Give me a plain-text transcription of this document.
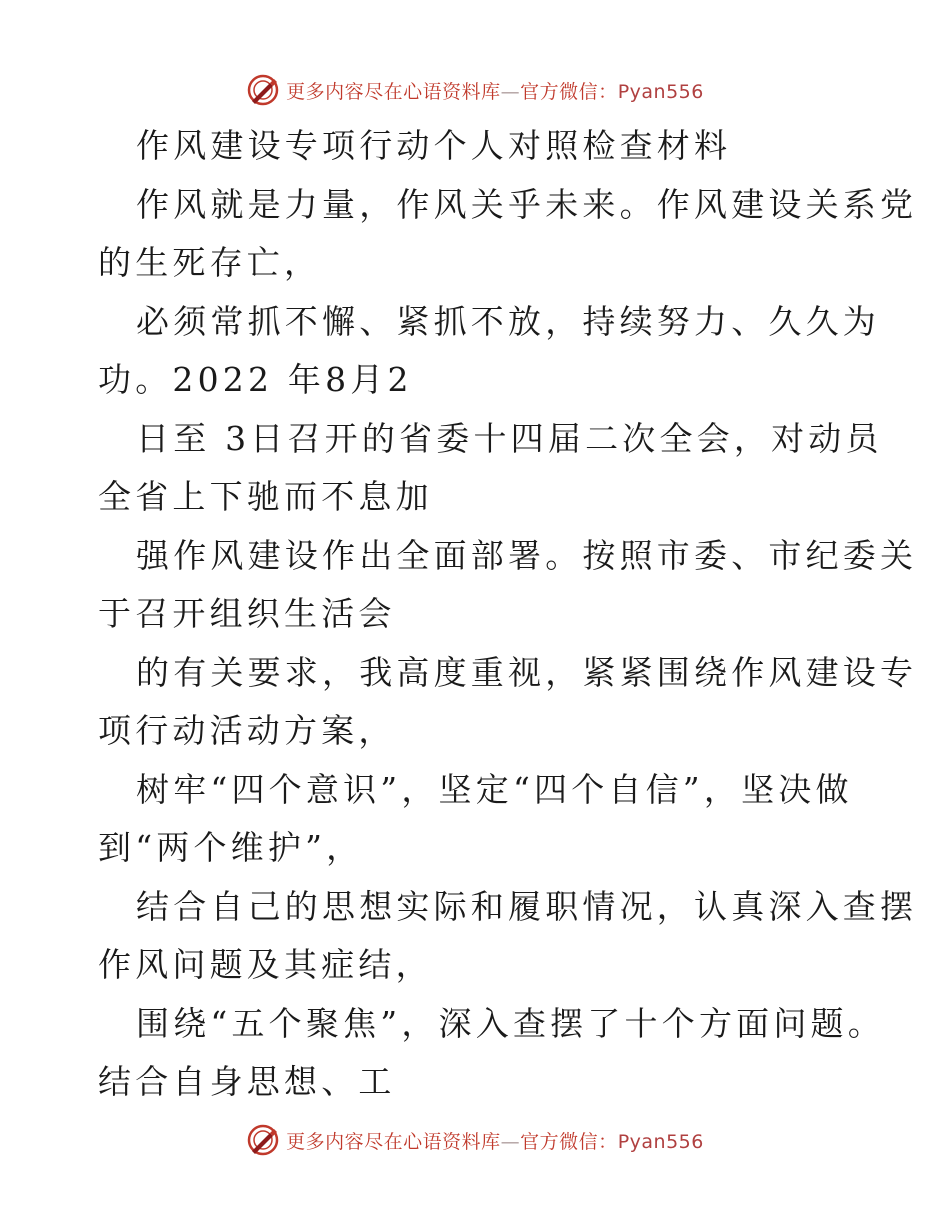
更多内容尽在心语资料库—官方微信：Pyan556
作风建设专项行动个人对照检查材料
作风就是力量，作风关乎未来。作风建设关系党
的生死存亡，
必须常抓不懈、紧抓不放，持续努力、久久为
功。2022 年8月2
日至 3日召开的省委十四届二次全会，对动员
全省上下驰而不息加
强作风建设作出全面部署。按照市委、市纪委关
于召开组织生活会
的有关要求，我高度重视，紧紧围绕作风建设专
项行动活动方案，
树牢“四个意识”，坚定“四个自信”，坚决做
到“两个维护”，
结合自己的思想实际和履职情况，认真深入查摆
作风问题及其症结，
围绕“五个聚焦”，深入查摆了十个方面问题。
结合自身思想、工
更多内容尽在心语资料库—官方微信：Pyan556
